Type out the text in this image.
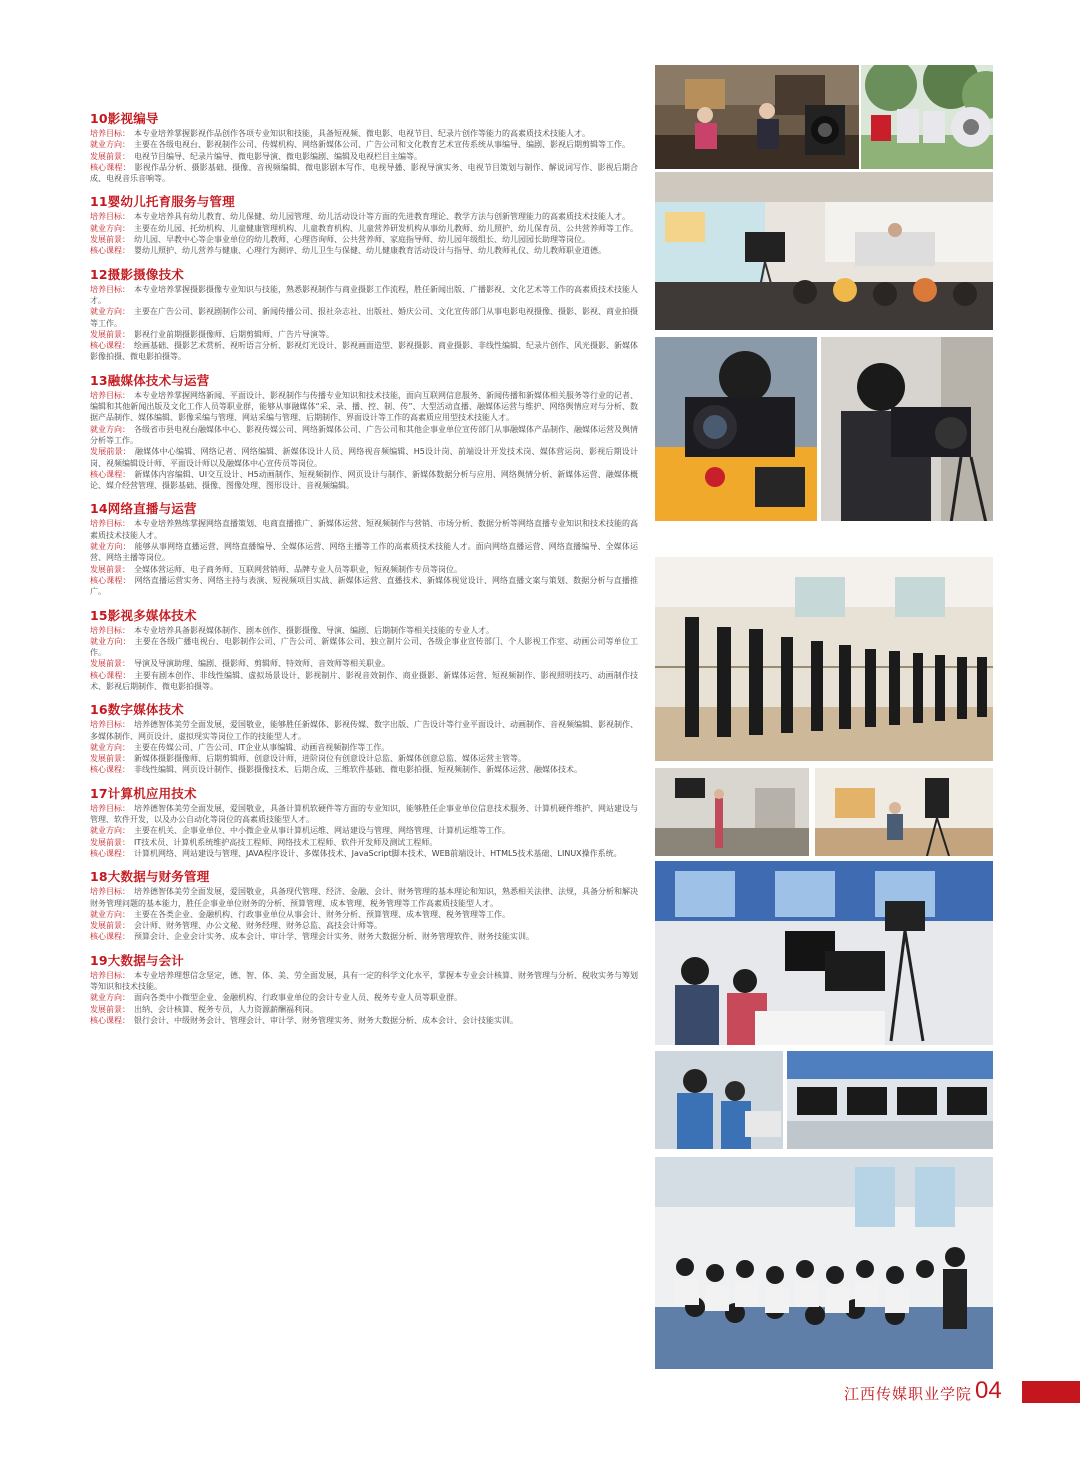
10影视编导
培养目标： 本专业培养掌握影视作品创作各项专业知识和技能，具备短视频、微电影、电视节目、纪录片创作等能力的高素质技术技能人才。
就业方向： 主要在各级电视台、影视制作公司、传媒机构、网络新媒体公司、广告公司和文化教育艺术宣传系统从事编导、编剧、影视后期剪辑等工作。
发展前景： 电视节目编导、纪录片编导、微电影导演、微电影编剧、编辑及电视栏目主编等。
核心课程： 影视作品分析、摄影基础、摄像、音视频编辑、微电影剧本写作、电视导播、影视导演实务、电视节目策划与制作、解说词写作、影视后期合成、电视音乐音响等。
11婴幼儿托育服务与管理
培养目标： 本专业培养具有幼儿教育、幼儿保健、幼儿园管理、幼儿活动设计等方面的先进教育理论、教学方法与创新管理能力的高素质技术技能人才。
就业方向： 主要在幼儿园、托幼机构、儿童健康管理机构、儿童教育机构、儿童营养研发机构从事幼儿教师、幼儿照护、幼儿保育员、公共营养师等工作。
发展前景： 幼儿园、早教中心等企事业单位的幼儿教师、心理咨询师、公共营养师、家庭指导师、幼儿园年级组长、幼儿园园长助理等岗位。
核心课程： 婴幼儿照护、幼儿营养与健康、心理行为测评、幼儿卫生与保健、幼儿健康教育活动设计与指导、幼儿教师礼仪、幼儿教师职业道德。
12摄影摄像技术
培养目标： 本专业培养掌握摄影摄像专业知识与技能，熟悉影视制作与商业摄影工作流程，胜任新闻出版、广播影视、文化艺术等工作的高素质技术技能人才。
就业方向： 主要在广告公司、影视剧制作公司、新闻传播公司、报社杂志社、出版社、婚庆公司、文化宣传部门从事电影电视摄像、摄影、影视、商业拍摄等工作。
发展前景： 影视行业前期摄影摄像师、后期剪辑师、广告片导演等。
核心课程： 绘画基础、摄影艺术赏析、视听语言分析、影视灯光设计、影视画面造型、影视摄影、商业摄影、非线性编辑、纪录片创作、风光摄影、新媒体影像拍摄、微电影拍摄等。
13融媒体技术与运营
培养目标： 本专业培养掌握网络新闻、平面设计、影视制作与传播专业知识和技术技能，面向互联网信息服务、新闻传播和新媒体相关服务等行业的记者、编辑和其他新闻出版及文化工作人员等职业群，能够从事融媒体“采、录、播、控、制、传”、大型活动直播、融媒体运营与维护、网络舆情应对与分析、数据产品制作、媒体编辑、影像采编与管理、网站采编与管理、后期制作、界面设计等工作的高素质应用型技术技能人才。
就业方向： 各级省市县电视台融媒体中心、影视传媒公司、网络新媒体公司、广告公司和其他企事业单位宣传部门从事融媒体产品制作、融媒体运营及舆情分析等工作。
发展前景： 融媒体中心编辑、网络记者、网络编辑、新媒体设计人员、网络视音频编辑、H5设计岗、前端设计开发技术岗、媒体营运岗、影视后期设计岗、视频编辑设计师、平面设计师以及融媒体中心宣传员等岗位。
核心课程： 新媒体内容编辑、UI交互设计、H5动画制作、短视频制作、网页设计与制作、新媒体数据分析与应用、网络舆情分析、新媒体运营、融媒体概论、媒介经营管理、摄影基础、摄像、图像处理、图形设计、音视频编辑。
14网络直播与运营
培养目标： 本专业培养熟练掌握网络直播策划、电商直播推广、新媒体运营、短视频制作与营销、市场分析、数据分析等网络直播专业知识和技术技能的高素质技术技能人才。
就业方向： 能够从事网络直播运营、网络直播编导、全媒体运营、网络主播等工作的高素质技术技能人才。面向网络直播运营、网络直播编导、全媒体运营、网络主播等岗位。
发展前景： 全媒体营运师、电子商务师、互联网营销师、品牌专业人员等职业，短视频制作专员等岗位。
核心课程： 网络直播运营实务、网络主持与表演、短视频项目实战、新媒体运营、直播技术、新媒体视觉设计、网络直播文案与策划、数据分析与直播推广。
15影视多媒体技术
培养目标： 本专业培养具备影视媒体制作、剧本创作、摄影摄像、导演、编剧、后期制作等相关技能的专业人才。
就业方向： 主要在各级广播电视台、电影制作公司、广告公司、新媒体公司、独立制片公司、各级企事业宣传部门、个人影视工作室、动画公司等单位工作。
发展前景： 导演及导演助理、编剧、摄影师、剪辑师、特效师、音效师等相关职业。
核心课程： 主要有剧本创作、非线性编辑、虚拟场景设计、影视制片、影视音效制作、商业摄影、新媒体运营、短视频制作、影视照明技巧、动画制作技术、影视后期制作、微电影拍摄等。
16数字媒体技术
培养目标： 培养德智体美劳全面发展，爱国敬业，能够胜任新媒体、影视传媒、数字出版、广告设计等行业平面设计、动画制作、音视频编辑、影视制作、多媒体制作、网页设计、虚拟现实等岗位工作的技能型人才。
就业方向： 主要在传媒公司、广告公司、IT企业从事编辑、动画音视频制作等工作。
发展前景： 新媒体摄影摄像师、后期剪辑师、创意设计师，进阶岗位有创意设计总监、新媒体创意总监、媒体运营主管等。
核心课程： 非线性编辑、网页设计制作、摄影摄像技术、后期合成、三维软件基础、微电影拍摄、短视频制作、新媒体运营、融媒体技术。
17计算机应用技术
培养目标： 培养德智体美劳全面发展，爱国敬业，具备计算机软硬件等方面的专业知识，能够胜任企事业单位信息技术服务、计算机硬件维护、网站建设与管理、软件开发，以及办公自动化等岗位的高素质技能型人才。
就业方向： 主要在机关、企事业单位、中小微企业从事计算机运维、网站建设与管理、网络管理、计算机运维等工作。
发展前景： IT技术员、计算机系统维护高技工程师、网络技术工程师、软件开发师及测试工程师。
核心课程： 计算机网络、网站建设与管理、JAVA程序设计、多媒体技术、JavaScript脚本技术、WEB前端设计、HTML5技术基础、LINUX操作系统。
18大数据与财务管理
培养目标： 培养德智体美劳全面发展，爱国敬业，具备现代管理、经济、金融、会计、财务管理的基本理论和知识，熟悉相关法律、法规，具备分析和解决财务管理问题的基本能力，胜任企事业单位财务的分析、预算管理、成本管理、税务管理等工作高素质技能型人才。
就业方向： 主要在各类企业、金融机构、行政事业单位从事会计、财务分析、预算管理、成本管理、税务管理等工作。
发展前景： 会计师、财务管理、办公文秘、财务经理、财务总监、高技会计师等。
核心课程： 预算会计、企业会计实务、成本会计、审计学、管理会计实务、财务大数据分析、财务管理软件、财务技能实训。
19大数据与会计
培养目标： 本专业培养理想信念坚定，德、智、体、美、劳全面发展，具有一定的科学文化水平，掌握本专业会计核算、财务管理与分析、税收实务与筹划等知识和技术技能。
就业方向： 面向各类中小微型企业、金融机构、行政事业单位的会计专业人员、税务专业人员等职业群。
发展前景： 出纳、会计核算、税务专员，人力资源薪酬福利岗。
核心课程： 银行会计、中级财务会计、管理会计、审计学、财务管理实务、财务大数据分析、成本会计、会计技能实训。
江西传媒职业学院 04
